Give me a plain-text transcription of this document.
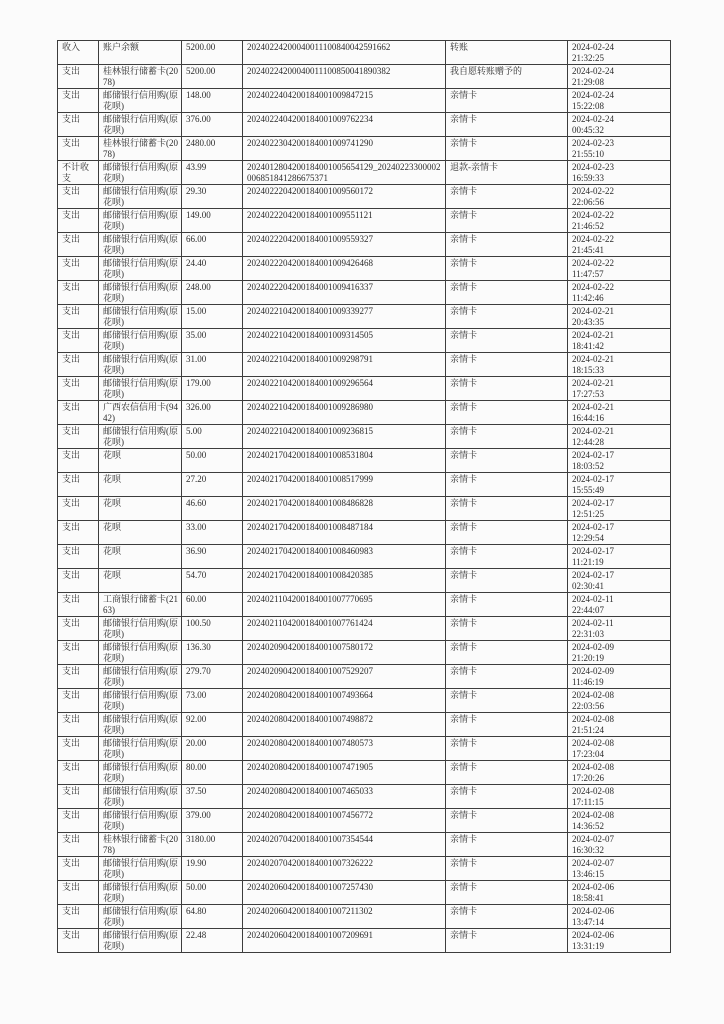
收入	账户余额	5200.00	20240224200040011100840042591662	转账	2024-02-24
21:32:25

支出	桂林银行储蓄卡(2078)	5200.00	20240224200040011100850041890382	我自愿转账赠予的	2024-02-24
21:29:08

支出	邮储银行信用购(原花呗)	148.00	2024022404200184001009847215	亲情卡	2024-02-24
15:22:08

支出	邮储银行信用购(原花呗)	376.00	2024022404200184001009762234	亲情卡	2024-02-24
00:45:32

支出	桂林银行储蓄卡(2078)	2480.00	2024022304200184001009741290	亲情卡	2024-02-23
21:55:10

不计收支	邮储银行信用购(原花呗)	43.99	2024012804200184001005654129_20240223300002006851841286675371	退款-亲情卡	2024-02-23
16:59:33

支出	邮储银行信用购(原花呗)	29.30	2024022204200184001009560172	亲情卡	2024-02-22
22:06:56

支出	邮储银行信用购(原花呗)	149.00	2024022204200184001009551121	亲情卡	2024-02-22
21:46:52

支出	邮储银行信用购(原花呗)	66.00	2024022204200184001009559327	亲情卡	2024-02-22
21:45:41

支出	邮储银行信用购(原花呗)	24.40	2024022204200184001009426468	亲情卡	2024-02-22
11:47:57

支出	邮储银行信用购(原花呗)	248.00	2024022204200184001009416337	亲情卡	2024-02-22
11:42:46

支出	邮储银行信用购(原花呗)	15.00	2024022104200184001009339277	亲情卡	2024-02-21
20:43:35

支出	邮储银行信用购(原花呗)	35.00	2024022104200184001009314505	亲情卡	2024-02-21
18:41:42

支出	邮储银行信用购(原花呗)	31.00	2024022104200184001009298791	亲情卡	2024-02-21
18:15:33

支出	邮储银行信用购(原花呗)	179.00	2024022104200184001009296564	亲情卡	2024-02-21
17:27:53

支出	广西农信信用卡(9442)	326.00	2024022104200184001009286980	亲情卡	2024-02-21
16:44:16

支出	邮储银行信用购(原花呗)	5.00	2024022104200184001009236815	亲情卡	2024-02-21
12:44:28

支出	花呗	50.00	2024021704200184001008531804	亲情卡	2024-02-17
18:03:52

支出	花呗	27.20	2024021704200184001008517999	亲情卡	2024-02-17
15:55:49

支出	花呗	46.60	2024021704200184001008486828	亲情卡	2024-02-17
12:51:25

支出	花呗	33.00	2024021704200184001008487184	亲情卡	2024-02-17
12:29:54

支出	花呗	36.90	2024021704200184001008460983	亲情卡	2024-02-17
11:21:19

支出	花呗	54.70	2024021704200184001008420385	亲情卡	2024-02-17
02:30:41

支出	工商银行储蓄卡(2163)	60.00	2024021104200184001007770695	亲情卡	2024-02-11
22:44:07

支出	邮储银行信用购(原花呗)	100.50	2024021104200184001007761424	亲情卡	2024-02-11
22:31:03

支出	邮储银行信用购(原花呗)	136.30	2024020904200184001007580172	亲情卡	2024-02-09
21:20:19

支出	邮储银行信用购(原花呗)	279.70	2024020904200184001007529207	亲情卡	2024-02-09
11:46:19

支出	邮储银行信用购(原花呗)	73.00	2024020804200184001007493664	亲情卡	2024-02-08
22:03:56

支出	邮储银行信用购(原花呗)	92.00	2024020804200184001007498872	亲情卡	2024-02-08
21:51:24

支出	邮储银行信用购(原花呗)	20.00	2024020804200184001007480573	亲情卡	2024-02-08
17:23:04

支出	邮储银行信用购(原花呗)	80.00	2024020804200184001007471905	亲情卡	2024-02-08
17:20:26

支出	邮储银行信用购(原花呗)	37.50	2024020804200184001007465033	亲情卡	2024-02-08
17:11:15

支出	邮储银行信用购(原花呗)	379.00	2024020804200184001007456772	亲情卡	2024-02-08
14:36:52

支出	桂林银行储蓄卡(2078)	3180.00	2024020704200184001007354544	亲情卡	2024-02-07
16:30:32

支出	邮储银行信用购(原花呗)	19.90	2024020704200184001007326222	亲情卡	2024-02-07
13:46:15

支出	邮储银行信用购(原花呗)	50.00	2024020604200184001007257430	亲情卡	2024-02-06
18:58:41

支出	邮储银行信用购(原花呗)	64.80	2024020604200184001007211302	亲情卡	2024-02-06
13:47:14

支出	邮储银行信用购(原花呗)	22.48	2024020604200184001007209691	亲情卡	2024-02-06
13:31:19
